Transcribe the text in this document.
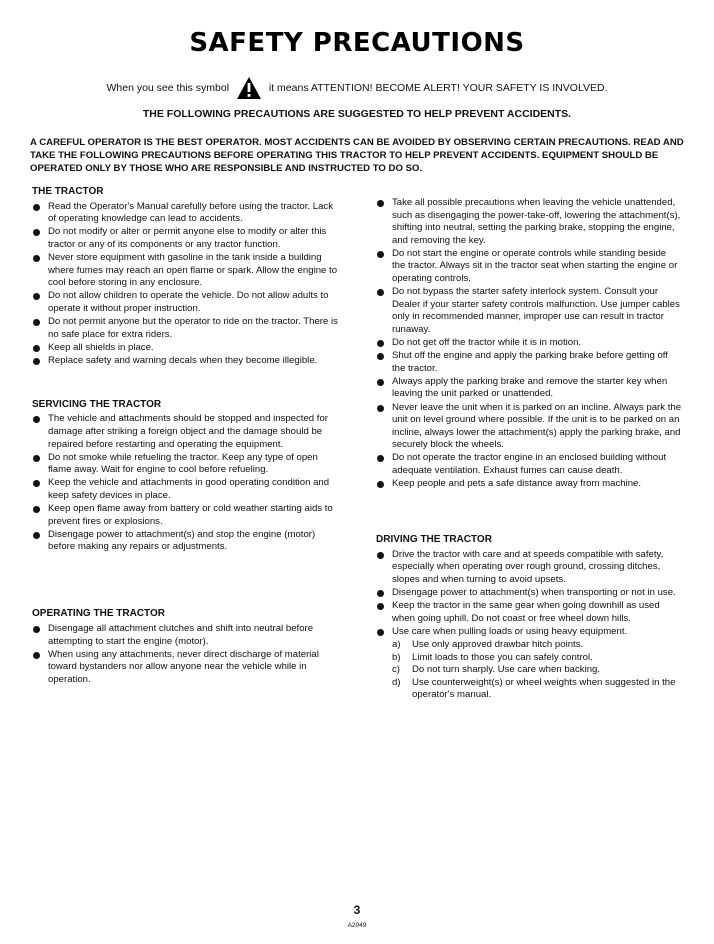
SAFETY PRECAUTIONS
When you see this symbol	it means ATTENTION! BECOME ALERT! YOUR SAFETY IS INVOLVED.
THE FOLLOWING PRECAUTIONS ARE SUGGESTED TO HELP PREVENT ACCIDENTS.
A CAREFUL OPERATOR IS THE BEST OPERATOR. MOST ACCIDENTS CAN BE AVOIDED BY OBSERVING CERTAIN PRECAUTIONS. READ AND TAKE THE FOLLOWING PRECAUTIONS BEFORE OPERATING THIS TRACTOR TO HELP PREVENT ACCIDENTS. EQUIPMENT SHOULD BE OPERATED ONLY BY THOSE WHO ARE RESPONSIBLE AND INSTRUCTED TO DO SO.
THE TRACTOR
Read the Operator's Manual carefully before using the tractor. Lack of operating knowledge can lead to accidents.
Do not modify or alter or permit anyone else to modify or alter this tractor or any of its components or any tractor function.
Never store equipment with gasoline in the tank inside a building where fumes may reach an open flame or spark. Allow the engine to cool before storing in any enclosure.
Do not allow children to operate the vehicle. Do not allow adults to operate it without proper instruction.
Do not permit anyone but the operator to ride on the tractor. There is no safe place for extra riders.
Keep all shields in place.
Replace safety and warning decals when they become illegible.
SERVICING THE TRACTOR
The vehicle and attachments should be stopped and inspected for damage after striking a foreign object and the damage should be repaired before restarting and operating the equipment.
Do not smoke while refueling the tractor. Keep any type of open flame away. Wait for engine to cool before refueling.
Keep the vehicle and attachments in good operating condition and keep safety devices in place.
Keep open flame away from battery or cold weather starting aids to prevent fires or explosions.
Disengage power to attachment(s) and stop the engine (motor) before making any repairs or adjustments.
OPERATING THE TRACTOR
Disengage all attachment clutches and shift into neutral before attempting to start the engine (motor).
When using any attachments, never direct discharge of material toward bystanders nor allow anyone near the vehicle while in operation.
Take all possible precautions when leaving the vehicle unattended, such as disengaging the power-take-off, lowering the attachment(s), shifting into neutral, setting the parking brake, stopping the engine, and removing the key.
Do not start the engine or operate controls while standing beside the tractor. Always sit in the tractor seat when starting the engine or operating controls.
Do not bypass the starter safety interlock system. Consult your Dealer if your starter safety controls malfunction. Use jumper cables only in recommended manner, improper use can result in tractor runaway.
Do not get off the tractor while it is in motion.
Shut off the engine and apply the parking brake before getting off the tractor.
Always apply the parking brake and remove the starter key when leaving the unit parked or unattended.
Never leave the unit when it is parked on an incline. Always park the unit on level ground where possible. If the unit is to be parked on an incline, always lower the attachment(s) apply the parking brake, and securely block the wheels.
Do not operate the tractor engine in an enclosed building without adequate ventilation. Exhaust fumes can cause death.
Keep people and pets a safe distance away from machine.
DRIVING THE TRACTOR
Drive the tractor with care and at speeds compatible with safety, especially when operating over rough ground, crossing ditches, slopes and when turning to avoid upsets.
Disengage power to attachment(s) when transporting or not in use.
Keep the tractor in the same gear when going downhill as used when going uphill. Do not coast or free wheel down hills.
Use care when pulling loads or using heavy equipment.
a) Use only approved drawbar hitch points.
b) Limit loads to those you can safely control.
c) Do not turn sharply. Use care when backing.
d) Use counterweight(s) or wheel weights when suggested in the operator's manual.
3
A2049
